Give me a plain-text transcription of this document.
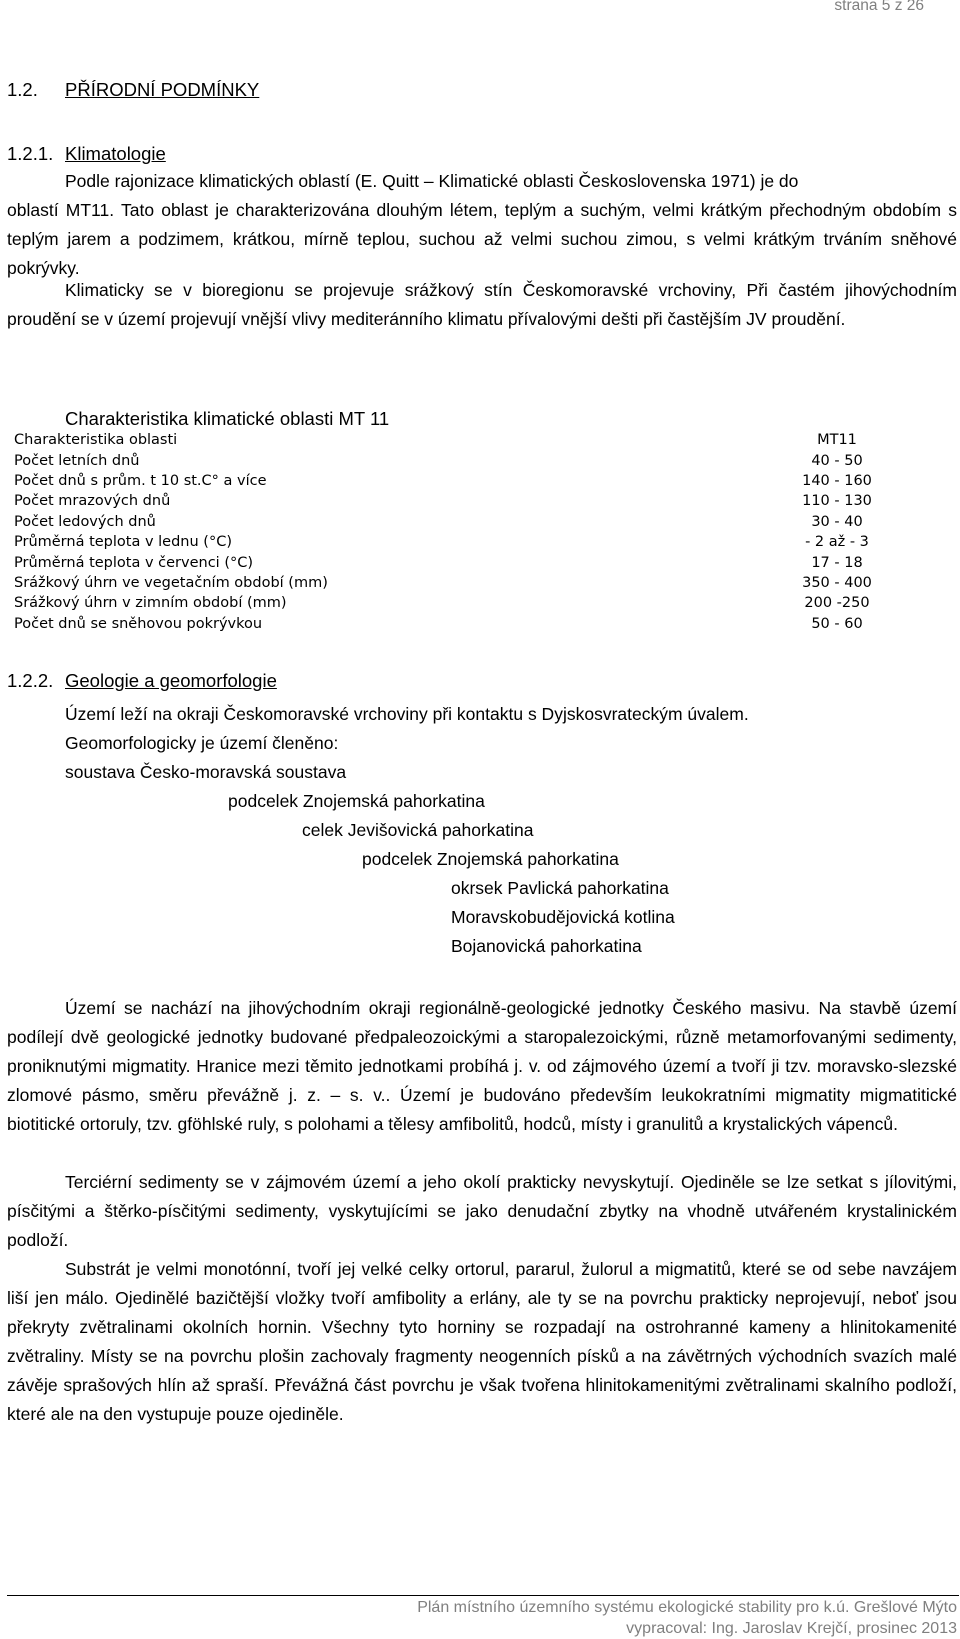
strana 5 z 26
1.2. PŘÍRODNÍ PODMÍNKY
1.2.1. Klimatologie
Podle rajonizace klimatických oblastí (E. Quitt – Klimatické oblasti Československa 1971) je do
oblastí MT11. Tato oblast je charakterizována dlouhým létem, teplým a suchým, velmi krátkým přechodným obdobím s teplým jarem a podzimem, krátkou, mírně teplou, suchou až velmi suchou zimou, s velmi krátkým trváním sněhové pokrývky.
Klimaticky se v bioregionu se projevuje srážkový stín Českomoravské vrchoviny, Při častém jihovýchodním proudění se v území projevují vnější vlivy mediteránního klimatu přívalovými dešti při častějším JV proudění.
Charakteristika klimatické oblasti MT 11
Charakteristika oblasti	MT11
Počet letních dnů	40 - 50
Počet dnů s prům. t 10 st.C° a více	140 - 160
Počet mrazových dnů	110 - 130
Počet ledových dnů	30 - 40
Průměrná teplota v lednu (°C)	- 2 až - 3
Průměrná teplota v červenci (°C)	17 - 18
Srážkový úhrn ve vegetačním období (mm)	350 - 400
Srážkový úhrn v zimním období (mm)	200 -250
Počet dnů se sněhovou pokrývkou	50 - 60
1.2.2. Geologie a geomorfologie
Území leží na okraji Českomoravské vrchoviny při kontaktu s Dyjskosvrateckým úvalem.
Geomorfologicky je území členěno:
soustava Česko-moravská soustava
podcelek Znojemská pahorkatina
celek Jevišovická pahorkatina
podcelek Znojemská pahorkatina
okrsek Pavlická pahorkatina
Moravskobudějovická kotlina
Bojanovická pahorkatina
Území se nachází na jihovýchodním okraji regionálně-geologické jednotky Českého masivu. Na stavbě území podílejí dvě geologické jednotky budované předpaleozoickými a staropalezoickými, různě metamorfovanými sedimenty, proniknutými migmatity. Hranice mezi těmito jednotkami probíhá j. v. od zájmového území a tvoří ji tzv. moravsko-slezské zlomové pásmo, směru převážně j. z. – s. v.. Území je budováno především leukokratními migmatity migmatitické biotitické ortoruly, tzv. gföhlské ruly, s polohami a tělesy amfibolitů, hodců, místy i granulitů a krystalických vápenců.
Terciérní sedimenty se v zájmovém území a jeho okolí prakticky nevyskytují. Ojediněle se lze setkat s jílovitými, písčitými a štěrko-písčitými sedimenty, vyskytujícími se jako denudační zbytky na vhodně utvářeném krystalinickém podloží.
Substrát je velmi monotónní, tvoří jej velké celky ortorul, pararul, žulorul a migmatitů, které se od sebe navzájem liší jen málo. Ojedinělé bazičtější vložky tvoří amfibolity a erlány, ale ty se na povrchu prakticky neprojevují, neboť jsou překryty zvětralinami okolních hornin. Všechny tyto horniny se rozpadají na ostrohranné kameny a hlinitokamenité zvětraliny. Místy se na povrchu plošin zachovaly fragmenty neogenních písků a na závětrných východních svazích malé závěje sprašových hlín až spraší. Převážná část povrchu je však tvořena hlinitokamenitými zvětralinami skalního podloží, které ale na den vystupuje pouze ojediněle.
Plán místního územního systému ekologické stability pro k.ú. Grešlové Mýto
vypracoval: Ing. Jaroslav Krejčí, prosinec 2013
